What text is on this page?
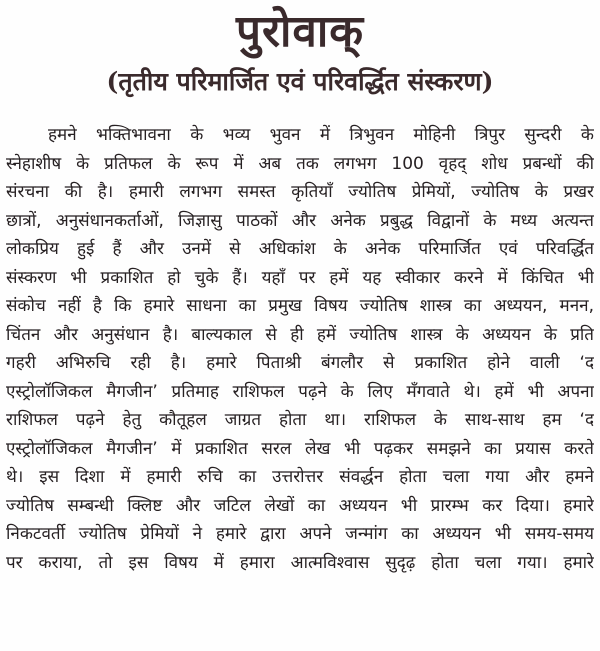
पुरोवाक्
(तृतीय परिमार्जित एवं परिवर्द्धित संस्करण)
हमने भक्तिभावना के भव्य भुवन में त्रिभुवन मोहिनी त्रिपुर सुन्दरी के
स्नेहाशीष के प्रतिफल के रूप में अब तक लगभग 100 वृहद् शोध प्रबन्धों की
संरचना की है। हमारी लगभग समस्त कृतियाँ ज्योतिष प्रेमियों, ज्योतिष के प्रखर
छात्रों, अनुसंधानकर्ताओं, जिज्ञासु पाठकों और अनेक प्रबुद्ध विद्वानों के मध्य अत्यन्त
लोकप्रिय हुई हैं और उनमें से अधिकांश के अनेक परिमार्जित एवं परिवर्द्धित
संस्करण भी प्रकाशित हो चुके हैं। यहाँ पर हमें यह स्वीकार करने में किंचित भी
संकोच नहीं है कि हमारे साधना का प्रमुख विषय ज्योतिष शास्त्र का अध्ययन, मनन,
चिंतन और अनुसंधान है। बाल्यकाल से ही हमें ज्योतिष शास्त्र के अध्ययन के प्रति
गहरी अभिरुचि रही है। हमारे पिताश्री बंगलौर से प्रकाशित होने वाली ‘द
एस्ट्रोलॉजिकल मैगजीन’ प्रतिमाह राशिफल पढ़ने के लिए मँगवाते थे। हमें भी अपना
राशिफल पढ़ने हेतु कौतूहल जाग्रत होता था। राशिफल के साथ-साथ हम ‘द
एस्ट्रोलॉजिकल मैगजीन’ में प्रकाशित सरल लेख भी पढ़कर समझने का प्रयास करते
थे। इस दिशा में हमारी रुचि का उत्तरोत्तर संवर्द्धन होता चला गया और हमने
ज्योतिष सम्बन्धी क्लिष्ट और जटिल लेखों का अध्ययन भी प्रारम्भ कर दिया। हमारे
निकटवर्ती ज्योतिष प्रेमियों ने हमारे द्वारा अपने जन्मांग का अध्ययन भी समय-समय
पर कराया, तो इस विषय में हमारा आत्मविश्वास सुदृढ़ होता चला गया। हमारे
